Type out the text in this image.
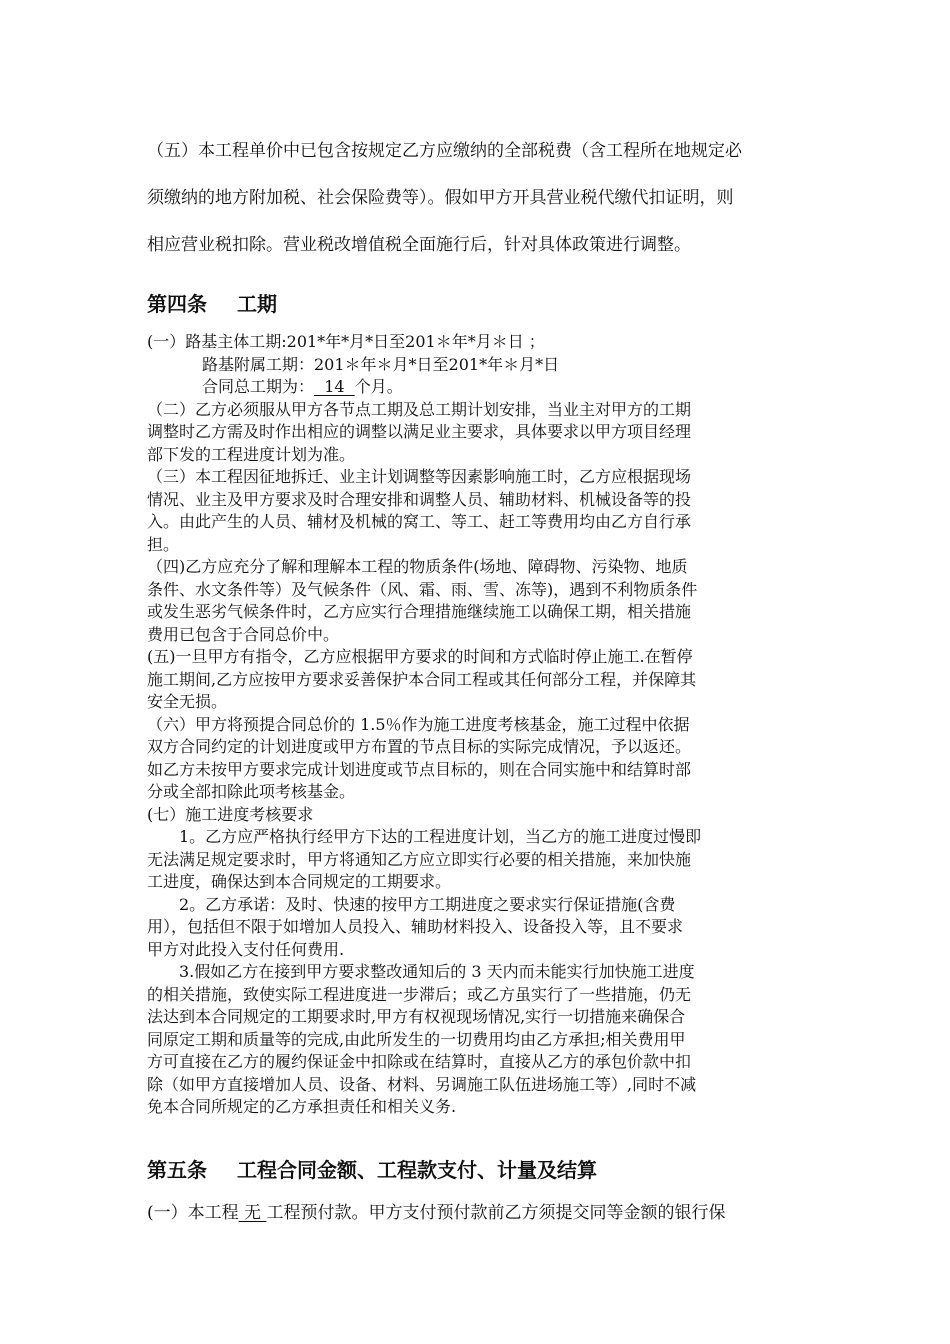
（五）本工程单价中已包含按规定乙方应缴纳的全部税费（含工程所在地规定必
须缴纳的地方附加税、社会保险费等）。假如甲方开具营业税代缴代扣证明，则
相应营业税扣除。营业税改增值税全面施行后，针对具体政策进行调整。
第四条 工期
(一）路基主体工期:201*年*月*日至201＊年*月＊日 ；
路基附属工期：201＊年＊月*日至201*年＊月*日
合同总工期为：  14  个月。
（二）乙方必须服从甲方各节点工期及总工期计划安排，当业主对甲方的工期
调整时乙方需及时作出相应的调整以满足业主要求，具体要求以甲方项目经理
部下发的工程进度计划为准。
（三）本工程因征地拆迁、业主计划调整等因素影响施工时，乙方应根据现场
情况、业主及甲方要求及时合理安排和调整人员、辅助材料、机械设备等的投
入。由此产生的人员、辅材及机械的窝工、等工、赶工等费用均由乙方自行承
担。
（四)乙方应充分了解和理解本工程的物质条件(场地、障碍物、污染物、地质
条件、水文条件等）及气候条件（风、霜、雨、雪、冻等)，遇到不利物质条件
或发生恶劣气候条件时，乙方应实行合理措施继续施工以确保工期，相关措施
费用已包含于合同总价中。
(五)一旦甲方有指令，乙方应根据甲方要求的时间和方式临时停止施工.在暂停
施工期间,乙方应按甲方要求妥善保护本合同工程或其任何部分工程，并保障其
安全无损。
（六）甲方将预提合同总价的 1.5％作为施工进度考核基金，施工过程中依据
双方合同约定的计划进度或甲方布置的节点目标的实际完成情况，予以返还。
如乙方未按甲方要求完成计划进度或节点目标的，则在合同实施中和结算时部
分或全部扣除此项考核基金。
(七）施工进度考核要求
1。乙方应严格执行经甲方下达的工程进度计划，当乙方的施工进度过慢即
无法满足规定要求时，甲方将通知乙方应立即实行必要的相关措施，来加快施
工进度，确保达到本合同规定的工期要求。
2。乙方承诺：及时、快速的按甲方工期进度之要求实行保证措施(含费
用），包括但不限于如增加人员投入、辅助材料投入、设备投入等，且不要求
甲方对此投入支付任何费用.
3.假如乙方在接到甲方要求整改通知后的 3 天内而未能实行加快施工进度
的相关措施，致使实际工程进度进一步滞后；或乙方虽实行了一些措施，仍无
法达到本合同规定的工期要求时,甲方有权视现场情况,实行一切措施来确保合
同原定工期和质量等的完成,由此所发生的一切费用均由乙方承担;相关费用甲
方可直接在乙方的履约保证金中扣除或在结算时，直接从乙方的承包价款中扣
除（如甲方直接增加人员、设备、材料、另调施工队伍进场施工等）,同时不减
免本合同所规定的乙方承担责任和相关义务.
第五条 工程合同金额、工程款支付、计量及结算
(一）本工程 无 工程预付款。甲方支付预付款前乙方须提交同等金额的银行保
